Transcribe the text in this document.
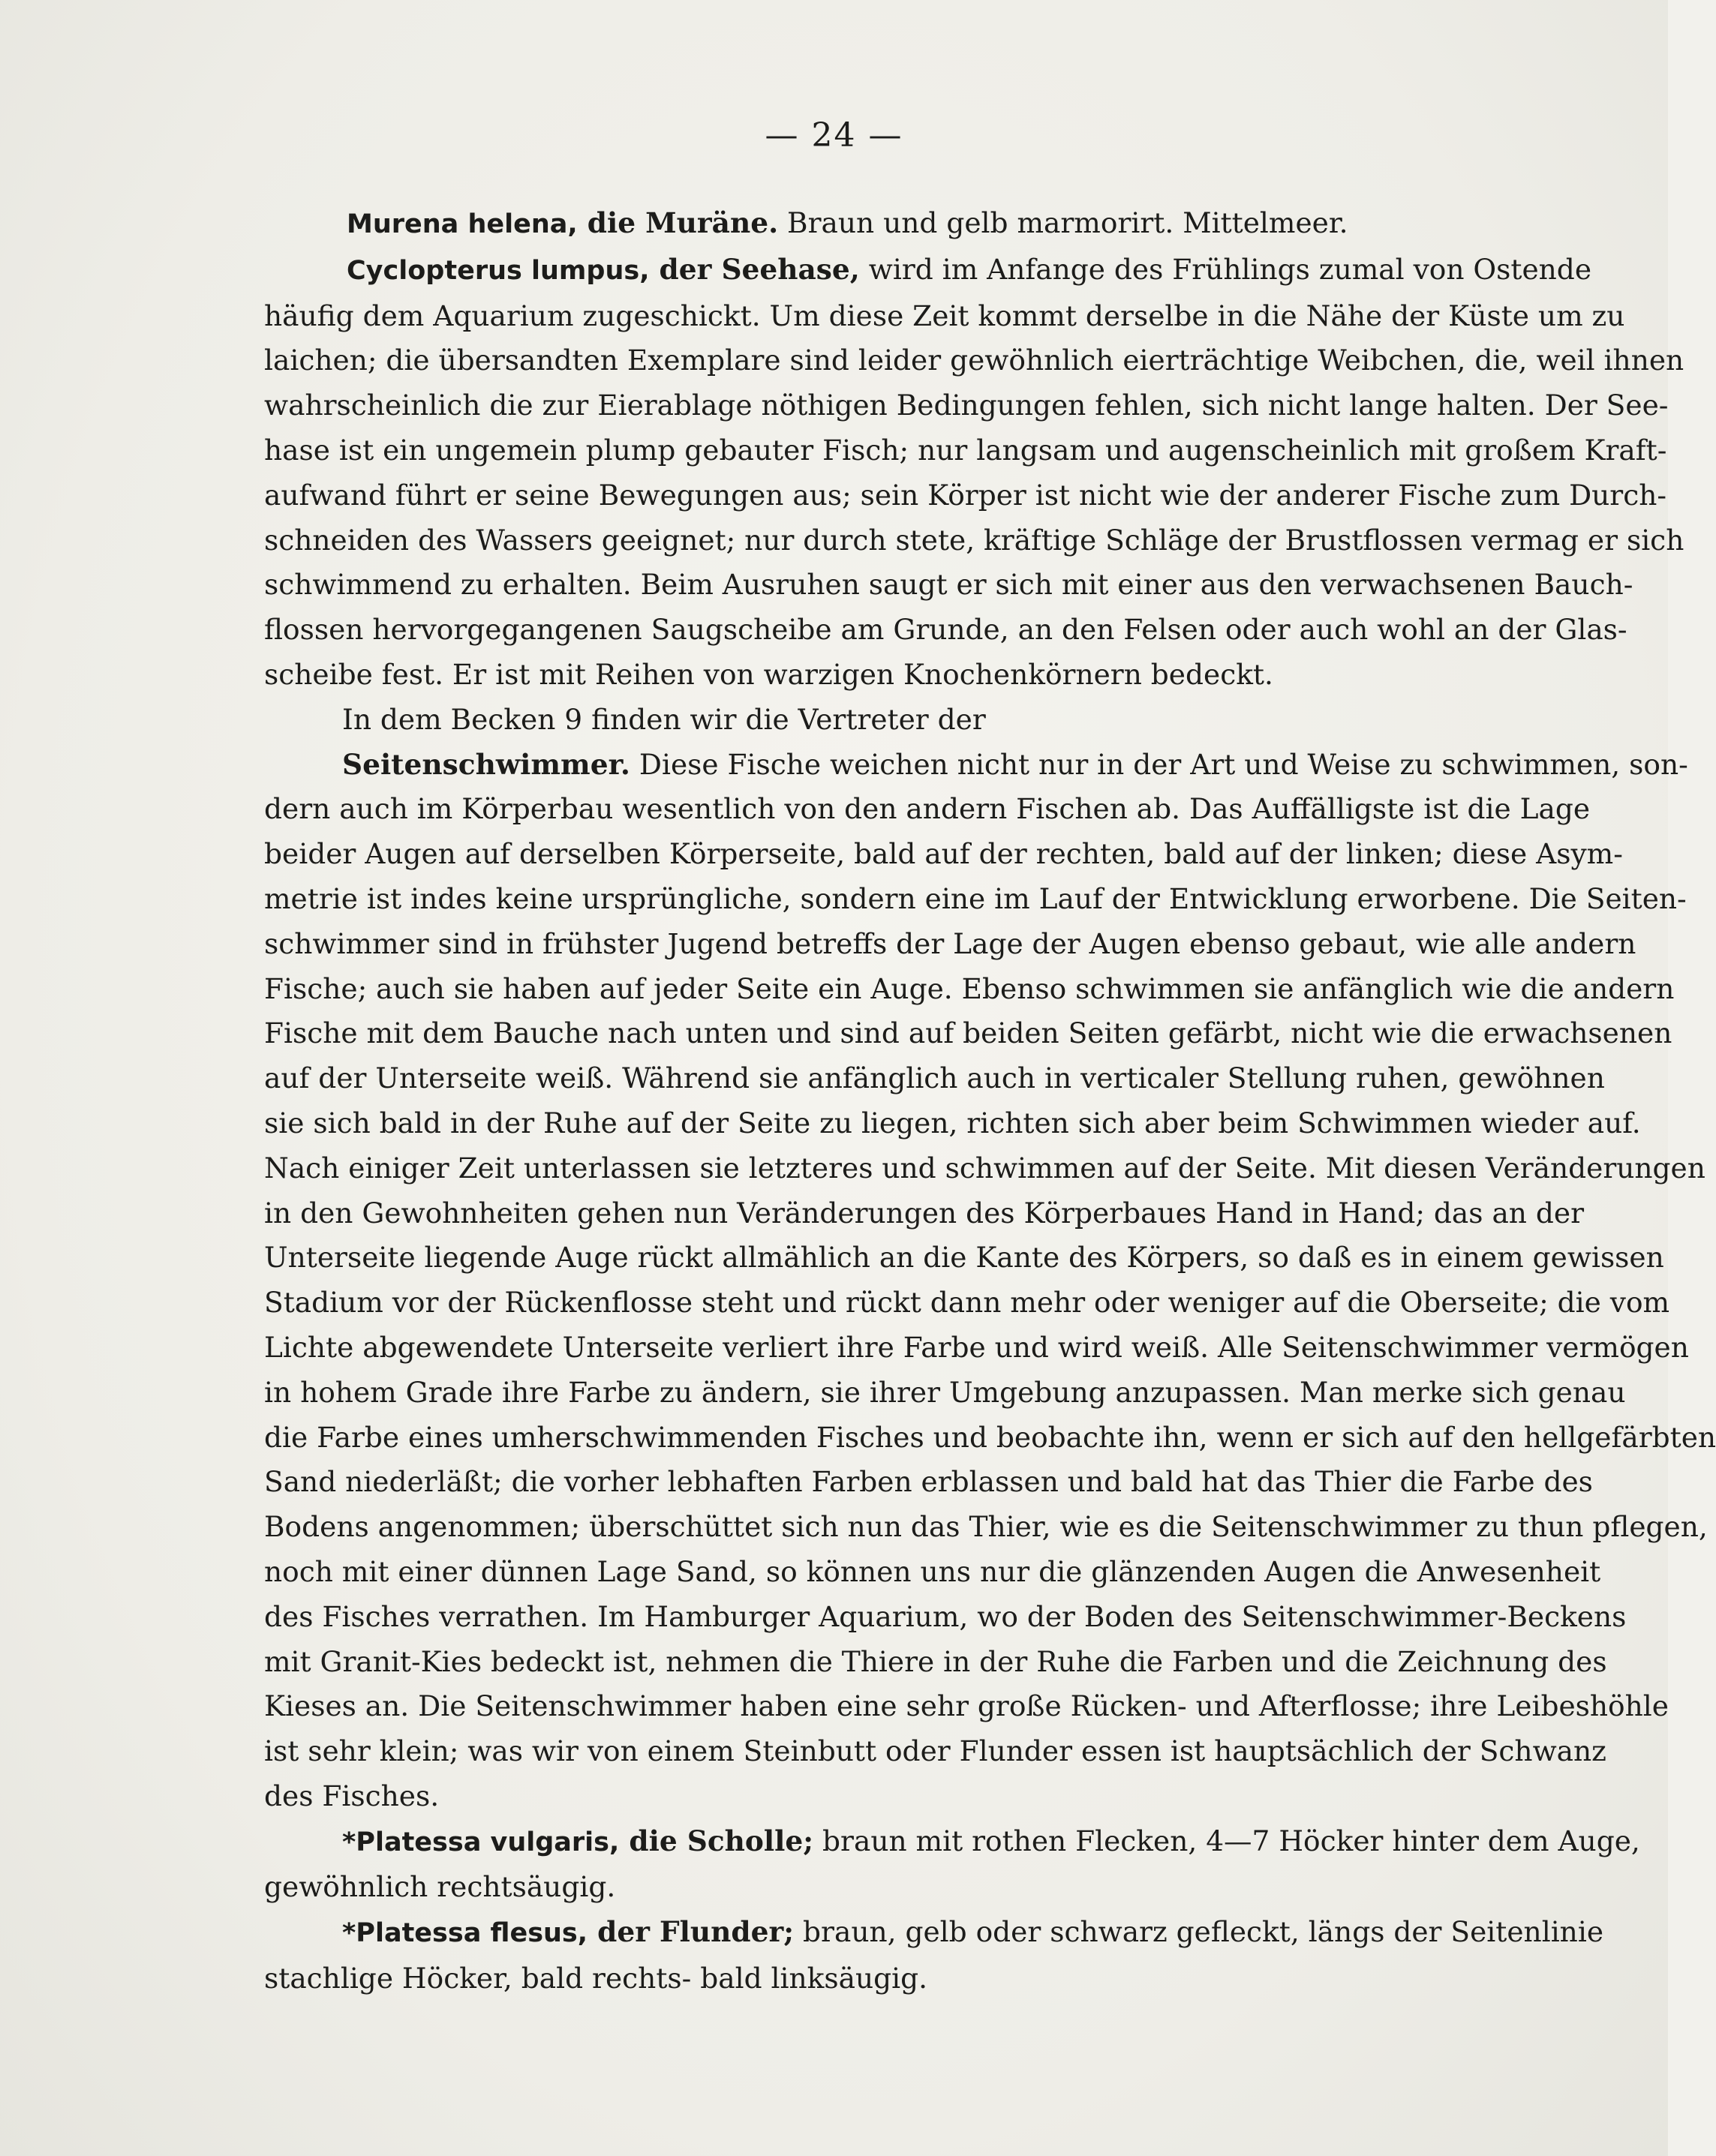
— 24 —
Murena helena, die Muräne. Braun und gelb marmorirt. Mittelmeer.
Cyclopterus lumpus, der Seehase, wird im Anfange des Frühlings zumal von Ostende
häufig dem Aquarium zugeschickt. Um diese Zeit kommt derselbe in die Nähe der Küste um zu
laichen; die übersandten Exemplare sind leider gewöhnlich eierträchtige Weibchen, die, weil ihnen
wahrscheinlich die zur Eierablage nöthigen Bedingungen fehlen, sich nicht lange halten. Der See-
hase ist ein ungemein plump gebauter Fisch; nur langsam und augenscheinlich mit großem Kraft-
aufwand führt er seine Bewegungen aus; sein Körper ist nicht wie der anderer Fische zum Durch-
schneiden des Wassers geeignet; nur durch stete, kräftige Schläge der Brustflossen vermag er sich
schwimmend zu erhalten. Beim Ausruhen saugt er sich mit einer aus den verwachsenen Bauch-
flossen hervorgegangenen Saugscheibe am Grunde, an den Felsen oder auch wohl an der Glas-
scheibe fest. Er ist mit Reihen von warzigen Knochenkörnern bedeckt.
In dem Becken 9 finden wir die Vertreter der
Seitenschwimmer. Diese Fische weichen nicht nur in der Art und Weise zu schwimmen, son-
dern auch im Körperbau wesentlich von den andern Fischen ab. Das Auffälligste ist die Lage
beider Augen auf derselben Körperseite, bald auf der rechten, bald auf der linken; diese Asym-
metrie ist indes keine ursprüngliche, sondern eine im Lauf der Entwicklung erworbene. Die Seiten-
schwimmer sind in frühster Jugend betreffs der Lage der Augen ebenso gebaut, wie alle andern
Fische; auch sie haben auf jeder Seite ein Auge. Ebenso schwimmen sie anfänglich wie die andern
Fische mit dem Bauche nach unten und sind auf beiden Seiten gefärbt, nicht wie die erwachsenen
auf der Unterseite weiß. Während sie anfänglich auch in verticaler Stellung ruhen, gewöhnen
sie sich bald in der Ruhe auf der Seite zu liegen, richten sich aber beim Schwimmen wieder auf.
Nach einiger Zeit unterlassen sie letzteres und schwimmen auf der Seite. Mit diesen Veränderungen
in den Gewohnheiten gehen nun Veränderungen des Körperbaues Hand in Hand; das an der
Unterseite liegende Auge rückt allmählich an die Kante des Körpers, so daß es in einem gewissen
Stadium vor der Rückenflosse steht und rückt dann mehr oder weniger auf die Oberseite; die vom
Lichte abgewendete Unterseite verliert ihre Farbe und wird weiß. Alle Seitenschwimmer vermögen
in hohem Grade ihre Farbe zu ändern, sie ihrer Umgebung anzupassen. Man merke sich genau
die Farbe eines umherschwimmenden Fisches und beobachte ihn, wenn er sich auf den hellgefärbten
Sand niederläßt; die vorher lebhaften Farben erblassen und bald hat das Thier die Farbe des
Bodens angenommen; überschüttet sich nun das Thier, wie es die Seitenschwimmer zu thun pflegen,
noch mit einer dünnen Lage Sand, so können uns nur die glänzenden Augen die Anwesenheit
des Fisches verrathen. Im Hamburger Aquarium, wo der Boden des Seitenschwimmer-Beckens
mit Granit-Kies bedeckt ist, nehmen die Thiere in der Ruhe die Farben und die Zeichnung des
Kieses an. Die Seitenschwimmer haben eine sehr große Rücken- und Afterflosse; ihre Leibeshöhle
ist sehr klein; was wir von einem Steinbutt oder Flunder essen ist hauptsächlich der Schwanz
des Fisches.
*Platessa vulgaris, die Scholle; braun mit rothen Flecken, 4—7 Höcker hinter dem Auge,
gewöhnlich rechtsäugig.
*Platessa flesus, der Flunder; braun, gelb oder schwarz gefleckt, längs der Seitenlinie
stachlige Höcker, bald rechts- bald linksäugig.
